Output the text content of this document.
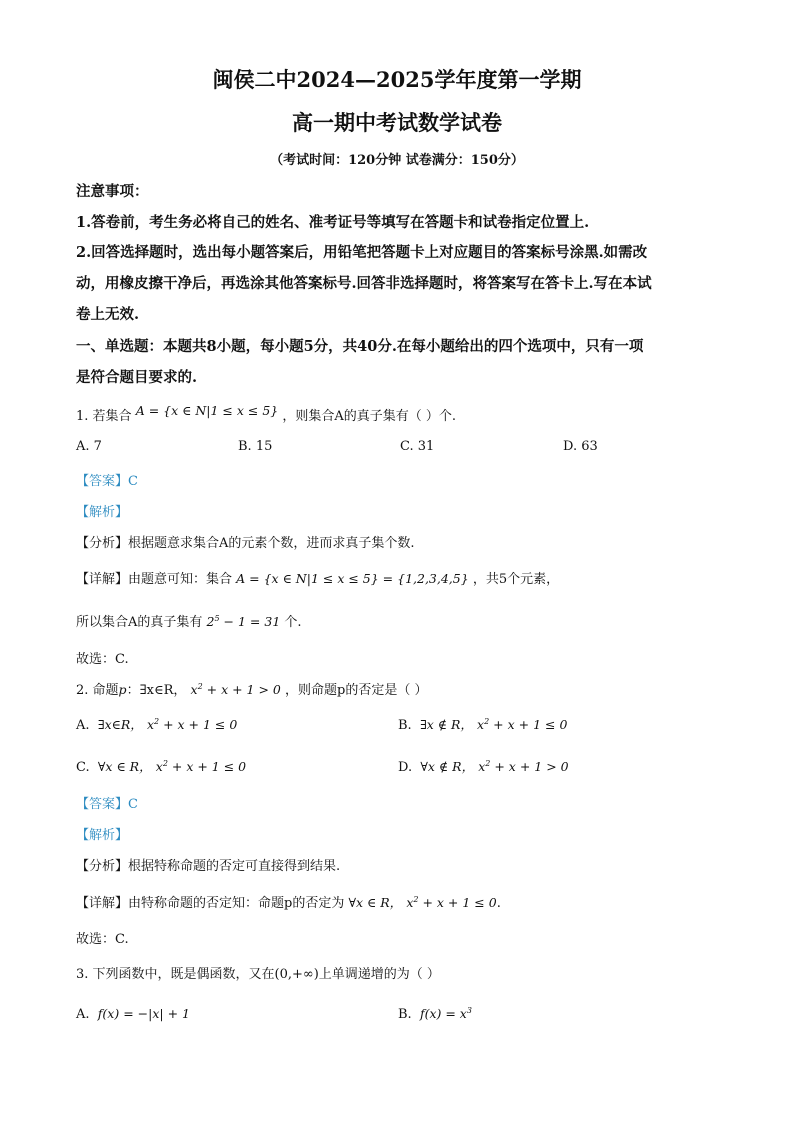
闽侯二中2024—2025学年度第一学期
高一期中考试数学试卷
（考试时间：120分钟 试卷满分：150分）
注意事项：
1.答卷前，考生务必将自己的姓名、准考证号等填写在答题卡和试卷指定位置上.
2.回答选择题时，选出每小题答案后，用铅笔把答题卡上对应题目的答案标号涂黑.如需改
动，用橡皮擦干净后，再选涂其他答案标号.回答非选择题时，将答案写在答卡上.写在本试
卷上无效.
一、单选题：本题共8小题，每小题5分，共40分.在每小题给出的四个选项中，只有一项
是符合题目要求的.
1. 若集合 A = {x ∈ N|1 ≤ x ≤ 5} ，则集合A的真子集有（ ）个.
A. 7	B. 15	C. 31	D. 63
【答案】C
【解析】
【分析】根据题意求集合A的元素个数，进而求真子集个数.
【详解】由题意可知：集合 A = {x ∈ N|1 ≤ x ≤ 5} = {1,2,3,4,5} ，共5个元素，
所以集合A的真子集有 $2^5 - 1 = 31$ 个.
故选：C.
2. 命题p：∃x∈R， $x^2 + x + 1 > 0$ ，则命题p的否定是（ ）
A. ∃x∈R， $x^2 + x + 1 \le 0$	B. ∃x ∉ R， $x^2 + x + 1 \le 0$
C. ∀x ∈ R， $x^2 + x + 1 \le 0$	D. ∀x ∉ R， $x^2 + x + 1 > 0$
【答案】C
【解析】
【分析】根据特称命题的否定可直接得到结果.
【详解】由特称命题的否定知：命题p的否定为 ∀x ∈ R， $x^2 + x + 1 \le 0$.
故选：C.
3. 下列函数中，既是偶函数，又在(0,+∞)上单调递增的为（ ）
A. f(x) = −|x| + 1	B. $f(x) = x^3$
